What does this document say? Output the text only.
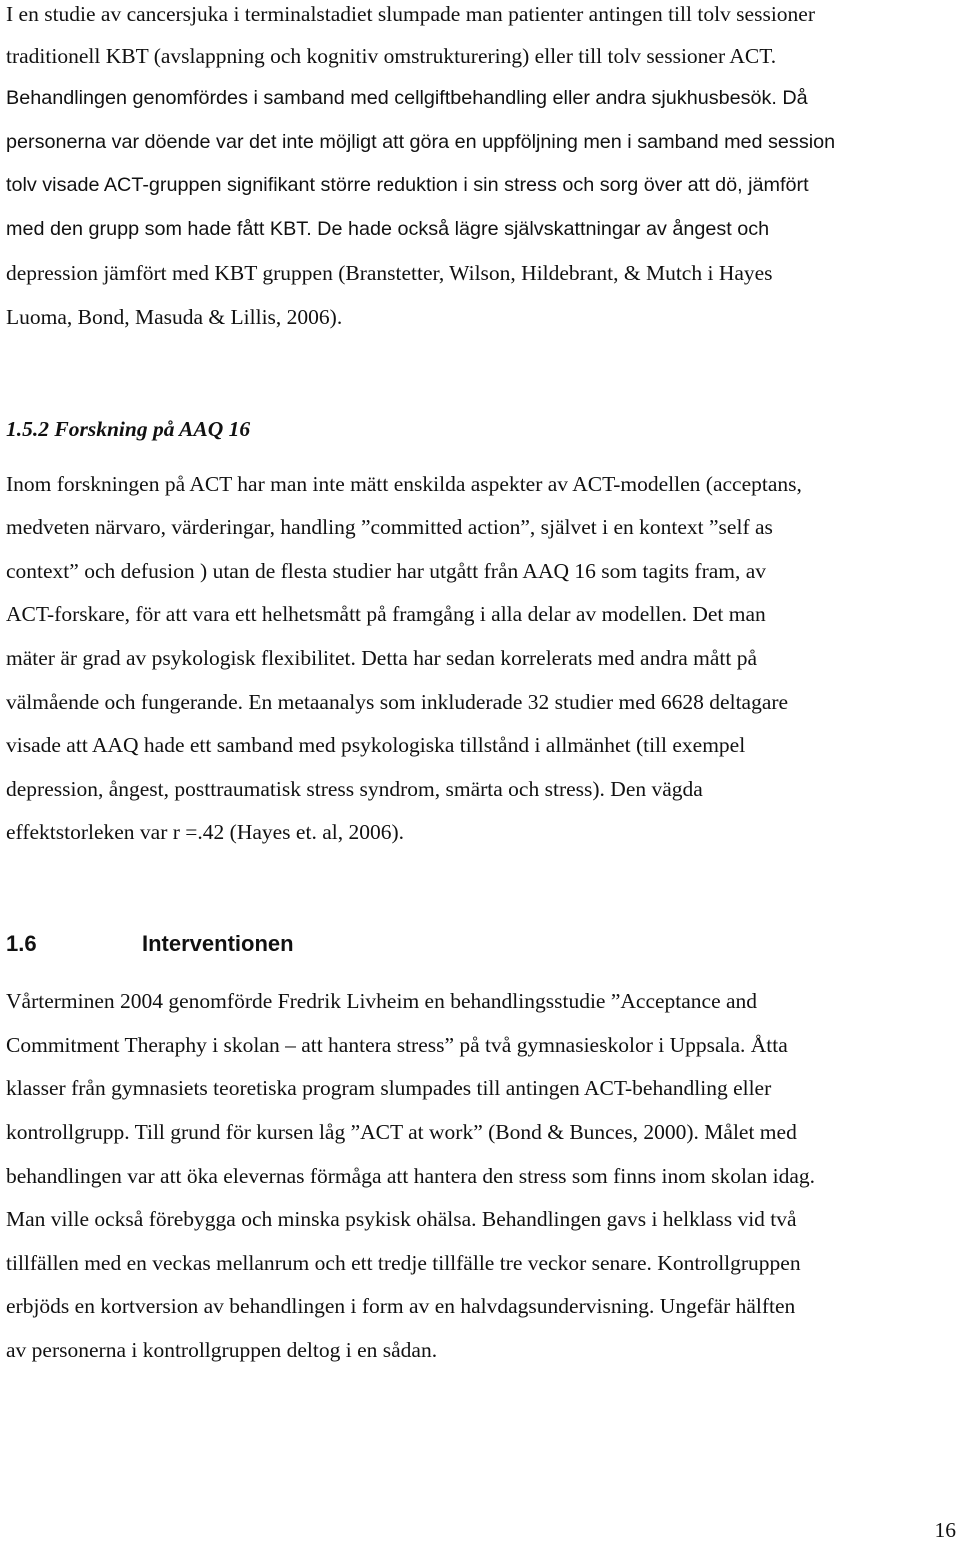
I en studie av cancersjuka i terminalstadiet slumpade man patienter antingen till tolv sessioner
traditionell KBT (avslappning och kognitiv omstrukturering) eller till tolv sessioner ACT.
Behandlingen genomfördes i samband med cellgiftbehandling eller andra sjukhusbesök. Då
personerna var döende var det inte möjligt att göra en uppföljning men i samband med session
tolv visade ACT-gruppen signifikant större reduktion i sin stress och sorg över att dö, jämfört
med den grupp som hade fått KBT. De hade också lägre självskattningar av ångest och
depression jämfört med KBT gruppen (Branstetter, Wilson, Hildebrant, & Mutch i Hayes
Luoma, Bond, Masuda & Lillis, 2006).
1.5.2 Forskning på AAQ 16
Inom forskningen på ACT har man inte mätt enskilda aspekter av ACT-modellen (acceptans,
medveten närvaro, värderingar, handling ”committed action”, självet i en kontext ”self as
context” och defusion ) utan de flesta studier har utgått från AAQ 16 som tagits fram, av
ACT-forskare, för att vara ett helhetsmått på framgång i alla delar av modellen. Det man
mäter är grad av psykologisk flexibilitet. Detta har sedan korrelerats med andra mått på
välmående och fungerande. En metaanalys som inkluderade 32 studier med 6628 deltagare
visade att AAQ hade ett samband med psykologiska tillstånd i allmänhet (till exempel
depression, ångest, posttraumatisk stress syndrom, smärta och stress). Den vägda
effektstorleken var r =.42 (Hayes et. al, 2006).
1.6	Interventionen
Vårterminen 2004 genomförde Fredrik Livheim en behandlingsstudie ”Acceptance and
Commitment Theraphy i skolan – att hantera stress” på två gymnasieskolor i Uppsala. Åtta
klasser från gymnasiets teoretiska program slumpades till antingen ACT-behandling eller
kontrollgrupp. Till grund för kursen låg ”ACT at work” (Bond & Bunces, 2000). Målet med
behandlingen var att öka elevernas förmåga att hantera den stress som finns inom skolan idag.
Man ville också förebygga och minska psykisk ohälsa. Behandlingen gavs i helklass vid två
tillfällen med en veckas mellanrum och ett tredje tillfälle tre veckor senare. Kontrollgruppen
erbjöds en kortversion av behandlingen i form av en halvdagsundervisning. Ungefär hälften
av personerna i kontrollgruppen deltog i en sådan.
16
